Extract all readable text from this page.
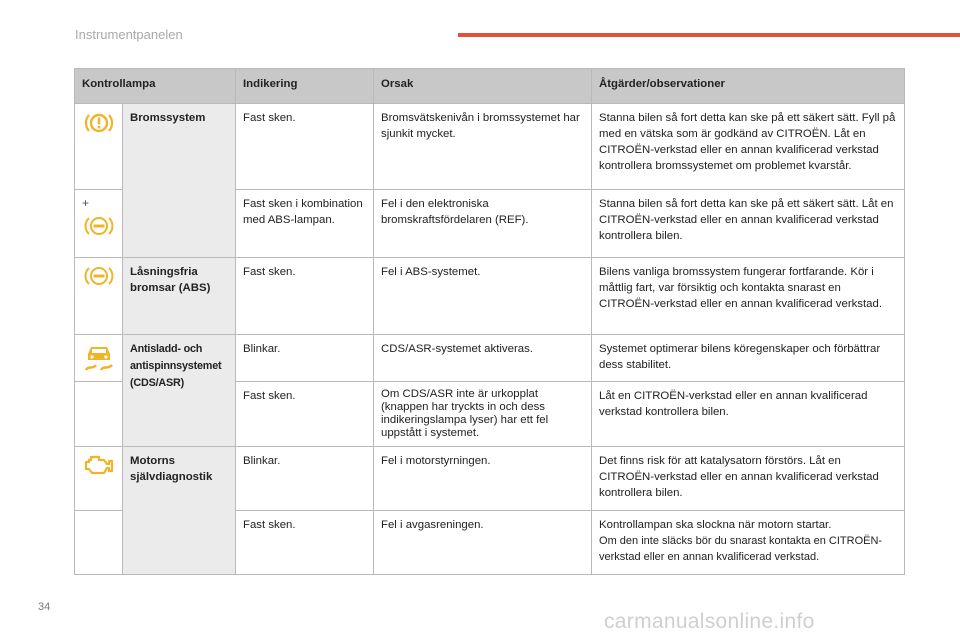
Instrumentpanelen
Kontrollampa		Indikering	Orsak	Åtgärder/observationer

	Bromssystem	Fast sken.	Bromsvätskenivån i bromssystemet har sjunkit mycket.	Stanna bilen så fort detta kan ske på ett säkert sätt. Fyll på med en vätska som är godkänd av CITROËN. Låt en CITROËN-verkstad eller en annan kvalificerad verkstad kontrollera bromssystemet om problemet kvarstår.

+		Fast sken i kombination med ABS-lampan.	Fel i den elektroniska bromskraftsfördelaren (REF).	Stanna bilen så fort detta kan ske på ett säkert sätt. Låt en CITROËN-verkstad eller en annan kvalificerad verkstad kontrollera bilen.

	Låsningsfria bromsar (ABS)	Fast sken.	Fel i ABS-systemet.	Bilens vanliga bromssystem fungerar fortfarande. Kör i måttlig fart, var försiktig och kontakta snarast en CITROËN-verkstad eller en annan kvalificerad verkstad.

	Antisladd- och antispinnsystemet (CDS/ASR)	Blinkar.	CDS/ASR-systemet aktiveras.	Systemet optimerar bilens köregenskaper och förbättrar dess stabilitet.
		Fast sken.	Om CDS/ASR inte är urkopplat (knappen har tryckts in och dess indikeringslampa lyser) har ett fel uppstått i systemet.	Låt en CITROËN-verkstad eller en annan kvalificerad verkstad kontrollera bilen.

	Motorns självdiagnostik	Blinkar.	Fel i motorstyrningen.	Det finns risk för att katalysatorn förstörs. Låt en CITROËN-verkstad eller en annan kvalificerad verkstad kontrollera bilen.
		Fast sken.	Fel i avgasreningen.	Kontrollampan ska slockna när motorn startar.
Om den inte släcks bör du snarast kontakta en CITROËN-verkstad eller en annan kvalificerad verkstad.
34
carmanualsonline.info
